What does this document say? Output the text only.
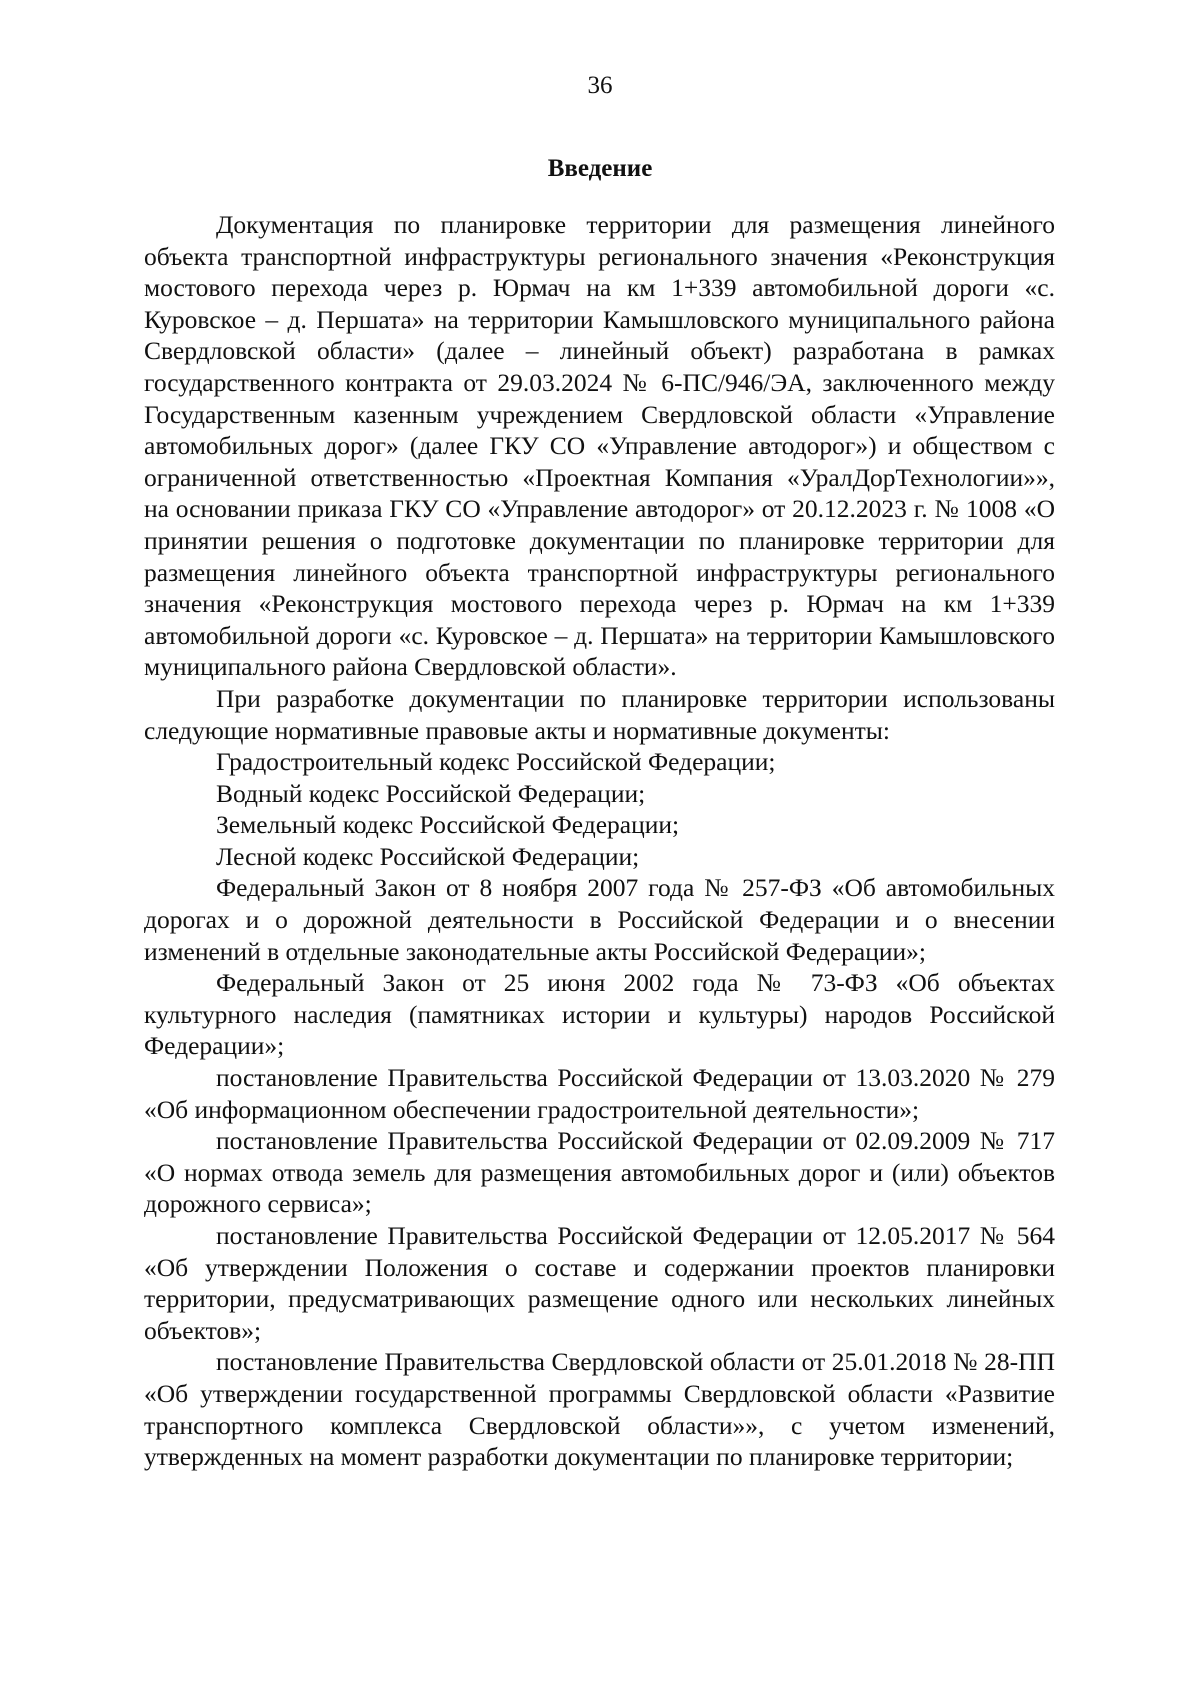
36
Введение

Документация по планировке территории для размещения линейного объекта транспортной инфраструктуры регионального значения «Реконструкция мостового перехода через р. Юрмач на км 1+339 автомобильной дороги «с. Куровское – д. Першата» на территории Камышловского муниципального района Свердловской области» (далее – линейный объект) разработана в рамках государственного контракта от 29.03.2024 № 6-ПС/946/ЭА, заключенного между Государственным казенным учреждением Свердловской области «Управление автомобильных дорог» (далее ГКУ СО «Управление автодорог») и обществом с ограниченной ответственностью «Проектная Компания «УралДорТехнологии»», на основании приказа ГКУ СО «Управление автодорог» от 20.12.2023 г. № 1008 «О принятии решения о подготовке документации по планировке территории для размещения линейного объекта транспортной инфраструктуры регионального значения «Реконструкция мостового перехода через р. Юрмач на км 1+339 автомобильной дороги «с. Куровское – д. Першата» на территории Камышловского муниципального района Свердловской области».

При разработке документации по планировке территории использованы следующие нормативные правовые акты и нормативные документы:

Градостроительный кодекс Российской Федерации;

Водный кодекс Российской Федерации;

Земельный кодекс Российской Федерации;

Лесной кодекс Российской Федерации;

Федеральный Закон от 8 ноября 2007 года № 257-ФЗ «Об автомобильных дорогах и о дорожной деятельности в Российской Федерации и о внесении изменений в отдельные законодательные акты Российской Федерации»;

Федеральный Закон от 25 июня 2002 года № 73-ФЗ «Об объектах культурного наследия (памятниках истории и культуры) народов Российской Федерации»;

постановление Правительства Российской Федерации от 13.03.2020 № 279 «Об информационном обеспечении градостроительной деятельности»;

постановление Правительства Российской Федерации от 02.09.2009 № 717 «О нормах отвода земель для размещения автомобильных дорог и (или) объектов дорожного сервиса»;

постановление Правительства Российской Федерации от 12.05.2017 № 564 «Об утверждении Положения о составе и содержании проектов планировки территории, предусматривающих размещение одного или нескольких линейных объектов»;

постановление Правительства Свердловской области от 25.01.2018 № 28-ПП «Об утверждении государственной программы Свердловской области «Развитие транспортного комплекса Свердловской области»», с учетом изменений, утвержденных на момент разработки документации по планировке территории;
